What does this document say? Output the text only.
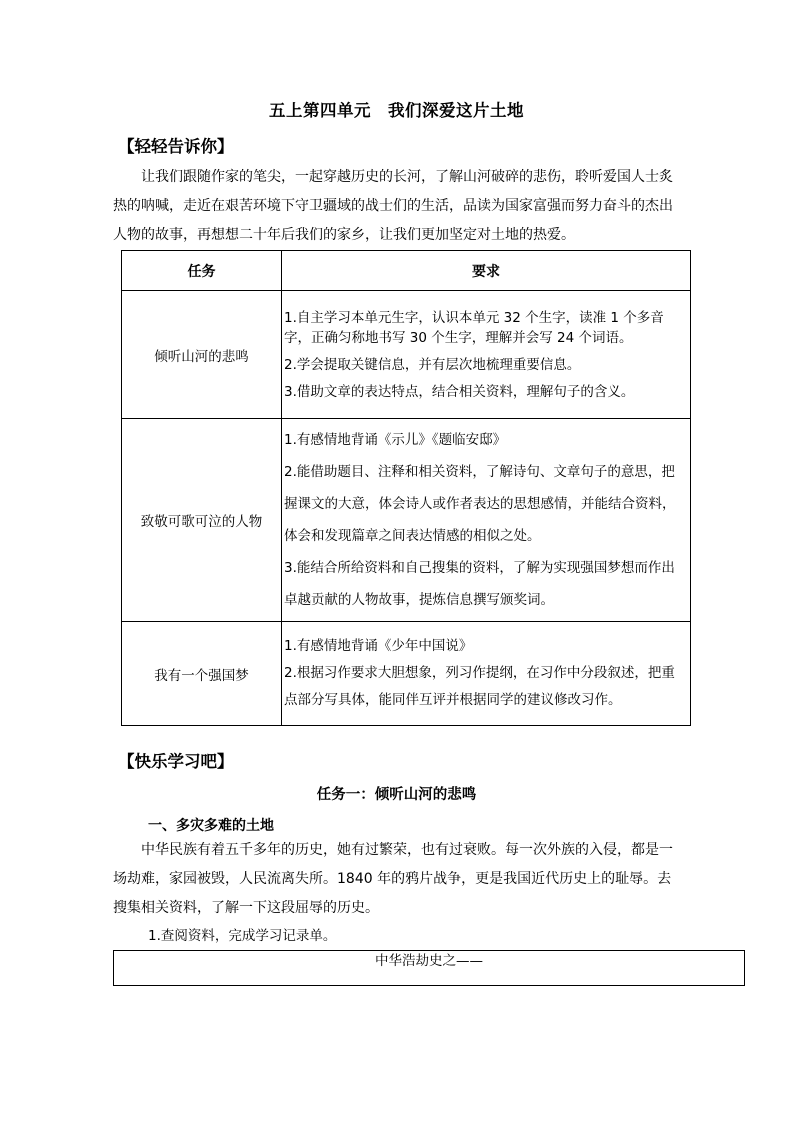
五上第四单元　我们深爱这片土地
【轻轻告诉你】

让我们跟随作家的笔尖，一起穿越历史的长河，了解山河破碎的悲伤，聆听爱国人士炙热的呐喊，走近在艰苦环境下守卫疆域的战士们的生活，品读为国家富强而努力奋斗的杰出人物的故事，再想想二十年后我们的家乡，让我们更加坚定对土地的热爱。

任务	要求
倾听山河的悲鸣	1.自主学习本单元生字，认识本单元 32 个生字，读准 1 个多音字，正确匀称地书写 30 个生字，理解并会写 24 个词语。

2.学会提取关键信息，并有层次地梳理重要信息。

3.借助文章的表达特点，结合相关资料，理解句子的含义。

致敬可歌可泣的人物	1.有感情地背诵《示儿》《题临安邸》

2.能借助题目、注释和相关资料，了解诗句、文章句子的意思，把握课文的大意，体会诗人或作者表达的思想感情，并能结合资料，体会和发现篇章之间表达情感的相似之处。

3.能结合所给资料和自己搜集的资料，了解为实现强国梦想而作出卓越贡献的人物故事，提炼信息撰写颁奖词。

我有一个强国梦	1.有感情地背诵《少年中国说》

2.根据习作要求大胆想象，列习作提纲，在习作中分段叙述，把重点部分写具体，能同伴互评并根据同学的建议修改习作。

【快乐学习吧】
任务一：倾听山河的悲鸣
一、多灾多难的土地

中华民族有着五千多年的历史，她有过繁荣，也有过衰败。每一次外族的入侵，都是一场劫难，家园被毁，人民流离失所。1840 年的鸦片战争，更是我国近代历史上的耻辱。去搜集相关资料，了解一下这段屈辱的历史。

1.查阅资料，完成学习记录单。
中华浩劫史之——
